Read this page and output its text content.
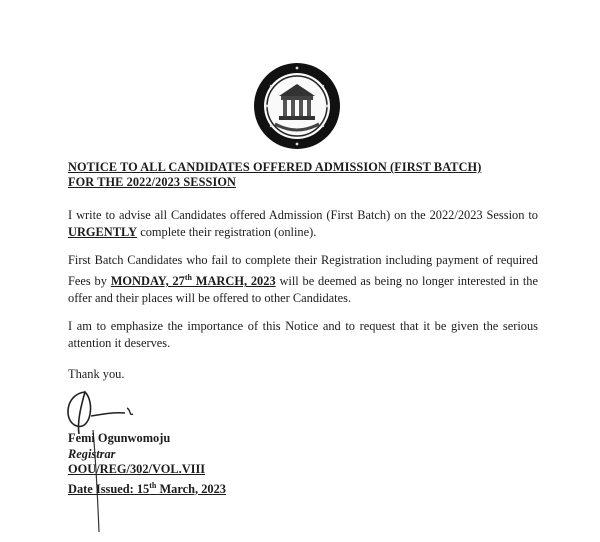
NOTICE TO ALL CANDIDATES OFFERED ADMISSION (FIRST BATCH)
FOR THE 2022/2023 SESSION

I write to advise all Candidates offered Admission (First Batch) on the 2022/2023 Session to URGENTLY complete their registration (online).

First Batch Candidates who fail to complete their Registration including payment of required Fees by MONDAY, 27th MARCH, 2023 will be deemed as being no longer interested in the offer and their places will be offered to other Candidates.

I am to emphasize the importance of this Notice and to request that it be given the serious attention it deserves.

Thank you.
Femi Ogunwomoju
Registrar
OOU/REG/302/VOL.VIII
Date Issued: 15th March, 2023
